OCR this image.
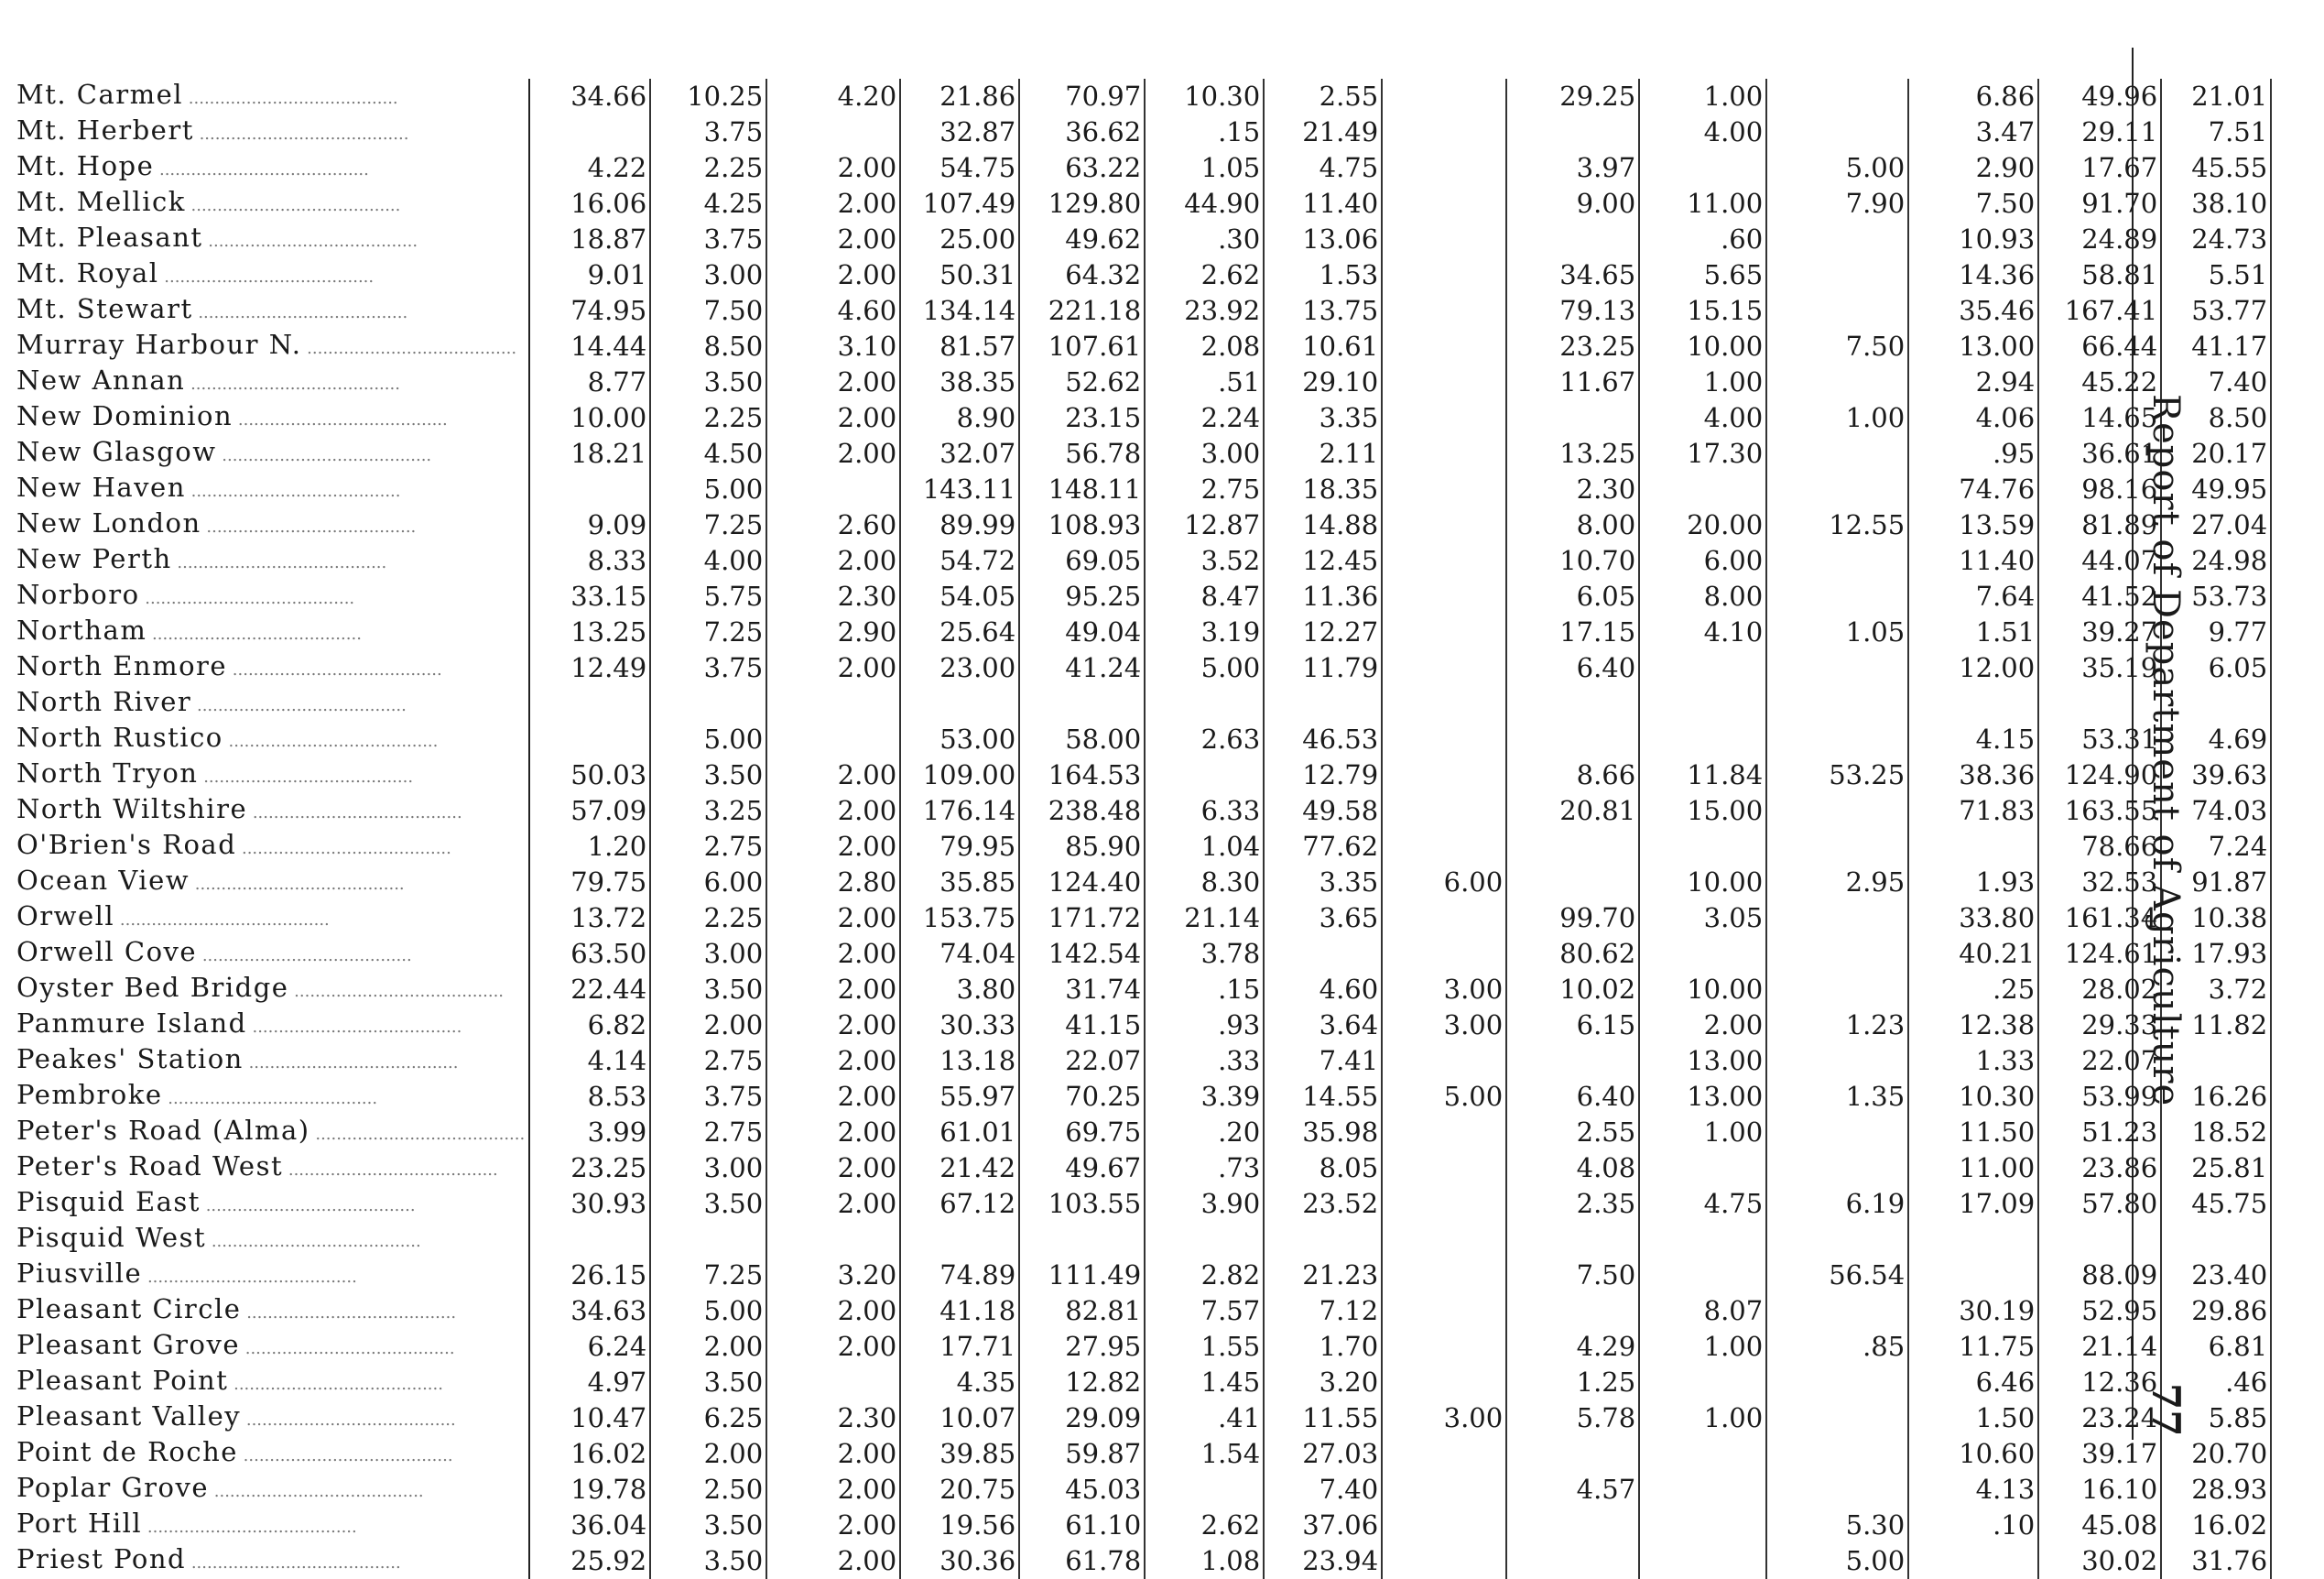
Mt. Carmel ........................................	34.66	10.25	4.20	21.86	70.97	10.30	2.55		29.25	1.00		6.86	49.96	21.01
Mt. Herbert ........................................		3.75		32.87	36.62	.15	21.49			4.00		3.47	29.11	7.51
Mt. Hope ........................................	4.22	2.25	2.00	54.75	63.22	1.05	4.75		3.97		5.00	2.90	17.67	45.55
Mt. Mellick ........................................	16.06	4.25	2.00	107.49	129.80	44.90	11.40		9.00	11.00	7.90	7.50	91.70	38.10
Mt. Pleasant ........................................	18.87	3.75	2.00	25.00	49.62	.30	13.06			.60		10.93	24.89	24.73
Mt. Royal ........................................	9.01	3.00	2.00	50.31	64.32	2.62	1.53		34.65	5.65		14.36	58.81	5.51
Mt. Stewart ........................................	74.95	7.50	4.60	134.14	221.18	23.92	13.75		79.13	15.15		35.46	167.41	53.77
Murray Harbour N. ........................................	14.44	8.50	3.10	81.57	107.61	2.08	10.61		23.25	10.00	7.50	13.00	66.44	41.17
New Annan ........................................	8.77	3.50	2.00	38.35	52.62	.51	29.10		11.67	1.00		2.94	45.22	7.40
New Dominion ........................................	10.00	2.25	2.00	8.90	23.15	2.24	3.35			4.00	1.00	4.06	14.65	8.50
New Glasgow ........................................	18.21	4.50	2.00	32.07	56.78	3.00	2.11		13.25	17.30		.95	36.61	20.17
New Haven ........................................		5.00		143.11	148.11	2.75	18.35		2.30			74.76	98.16	49.95
New London ........................................	9.09	7.25	2.60	89.99	108.93	12.87	14.88		8.00	20.00	12.55	13.59	81.89	27.04
New Perth ........................................	8.33	4.00	2.00	54.72	69.05	3.52	12.45		10.70	6.00		11.40	44.07	24.98
Norboro ........................................	33.15	5.75	2.30	54.05	95.25	8.47	11.36		6.05	8.00		7.64	41.52	53.73
Northam ........................................	13.25	7.25	2.90	25.64	49.04	3.19	12.27		17.15	4.10	1.05	1.51	39.27	9.77
North Enmore ........................................	12.49	3.75	2.00	23.00	41.24	5.00	11.79		6.40			12.00	35.19	6.05
North River ........................................														
North Rustico ........................................		5.00		53.00	58.00	2.63	46.53					4.15	53.31	4.69
North Tryon ........................................	50.03	3.50	2.00	109.00	164.53		12.79		8.66	11.84	53.25	38.36	124.90	39.63
North Wiltshire ........................................	57.09	3.25	2.00	176.14	238.48	6.33	49.58		20.81	15.00		71.83	163.55	74.03
O'Brien's Road ........................................	1.20	2.75	2.00	79.95	85.90	1.04	77.62						78.66	7.24
Ocean View ........................................	79.75	6.00	2.80	35.85	124.40	8.30	3.35	6.00		10.00	2.95	1.93	32.53	91.87
Orwell ........................................	13.72	2.25	2.00	153.75	171.72	21.14	3.65		99.70	3.05		33.80	161.34	10.38
Orwell Cove ........................................	63.50	3.00	2.00	74.04	142.54	3.78			80.62			40.21	124.61	17.93
Oyster Bed Bridge ........................................	22.44	3.50	2.00	3.80	31.74	.15	4.60	3.00	10.02	10.00		.25	28.02	3.72
Panmure Island ........................................	6.82	2.00	2.00	30.33	41.15	.93	3.64	3.00	6.15	2.00	1.23	12.38	29.33	11.82
Peakes' Station ........................................	4.14	2.75	2.00	13.18	22.07	.33	7.41			13.00		1.33	22.07	
Pembroke ........................................	8.53	3.75	2.00	55.97	70.25	3.39	14.55	5.00	6.40	13.00	1.35	10.30	53.99	16.26
Peter's Road (Alma) ........................................	3.99	2.75	2.00	61.01	69.75	.20	35.98		2.55	1.00		11.50	51.23	18.52
Peter's Road West ........................................	23.25	3.00	2.00	21.42	49.67	.73	8.05		4.08			11.00	23.86	25.81
Pisquid East ........................................	30.93	3.50	2.00	67.12	103.55	3.90	23.52		2.35	4.75	6.19	17.09	57.80	45.75
Pisquid West ........................................														
Piusville ........................................	26.15	7.25	3.20	74.89	111.49	2.82	21.23		7.50		56.54		88.09	23.40
Pleasant Circle ........................................	34.63	5.00	2.00	41.18	82.81	7.57	7.12			8.07		30.19	52.95	29.86
Pleasant Grove ........................................	6.24	2.00	2.00	17.71	27.95	1.55	1.70		4.29	1.00	.85	11.75	21.14	6.81
Pleasant Point ........................................	4.97	3.50		4.35	12.82	1.45	3.20		1.25			6.46	12.36	.46
Pleasant Valley ........................................	10.47	6.25	2.30	10.07	29.09	.41	11.55	3.00	5.78	1.00		1.50	23.24	5.85
Point de Roche ........................................	16.02	2.00	2.00	39.85	59.87	1.54	27.03					10.60	39.17	20.70
Poplar Grove ........................................	19.78	2.50	2.00	20.75	45.03		7.40		4.57			4.13	16.10	28.93
Port Hill ........................................	36.04	3.50	2.00	19.56	61.10	2.62	37.06				5.30	.10	45.08	16.02
Priest Pond ........................................	25.92	3.50	2.00	30.36	61.78	1.08	23.94				5.00		30.02	31.76
Report of Department of Agriculture
77
